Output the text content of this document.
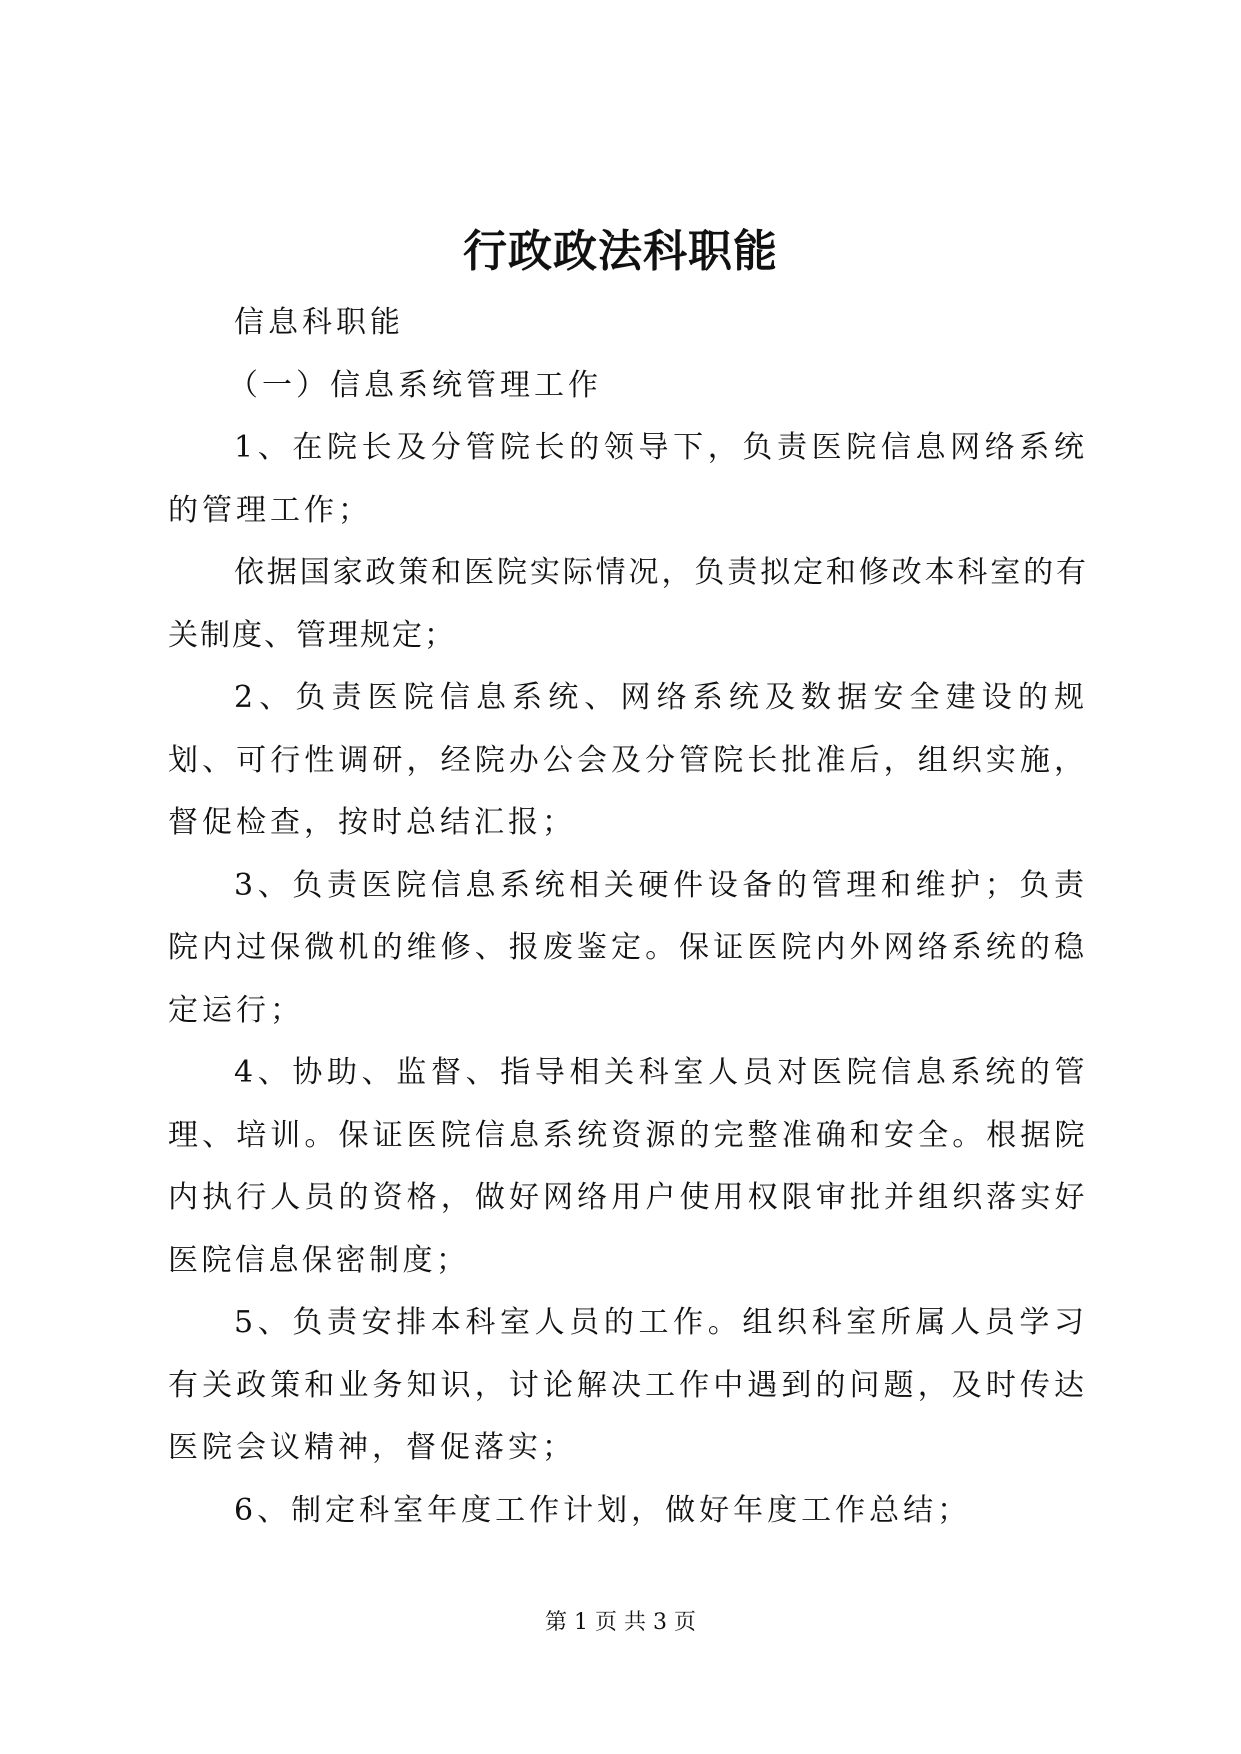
行政政法科职能

信息科职能

（一）信息系统管理工作

1、在院长及分管院长的领导下，负责医院信息网络系统的管理工作；

依据国家政策和医院实际情况，负责拟定和修改本科室的有关制度、管理规定；

2、负责医院信息系统、网络系统及数据安全建设的规划、可行性调研，经院办公会及分管院长批准后，组织实施，督促检查，按时总结汇报；

3、负责医院信息系统相关硬件设备的管理和维护；负责院内过保微机的维修、报废鉴定。保证医院内外网络系统的稳定运行；

4、协助、监督、指导相关科室人员对医院信息系统的管理、培训。保证医院信息系统资源的完整准确和安全。根据院内执行人员的资格，做好网络用户使用权限审批并组织落实好医院信息保密制度；

5、负责安排本科室人员的工作。组织科室所属人员学习有关政策和业务知识，讨论解决工作中遇到的问题，及时传达医院会议精神，督促落实；

6、制定科室年度工作计划，做好年度工作总结；

第 1 页 共 3 页
